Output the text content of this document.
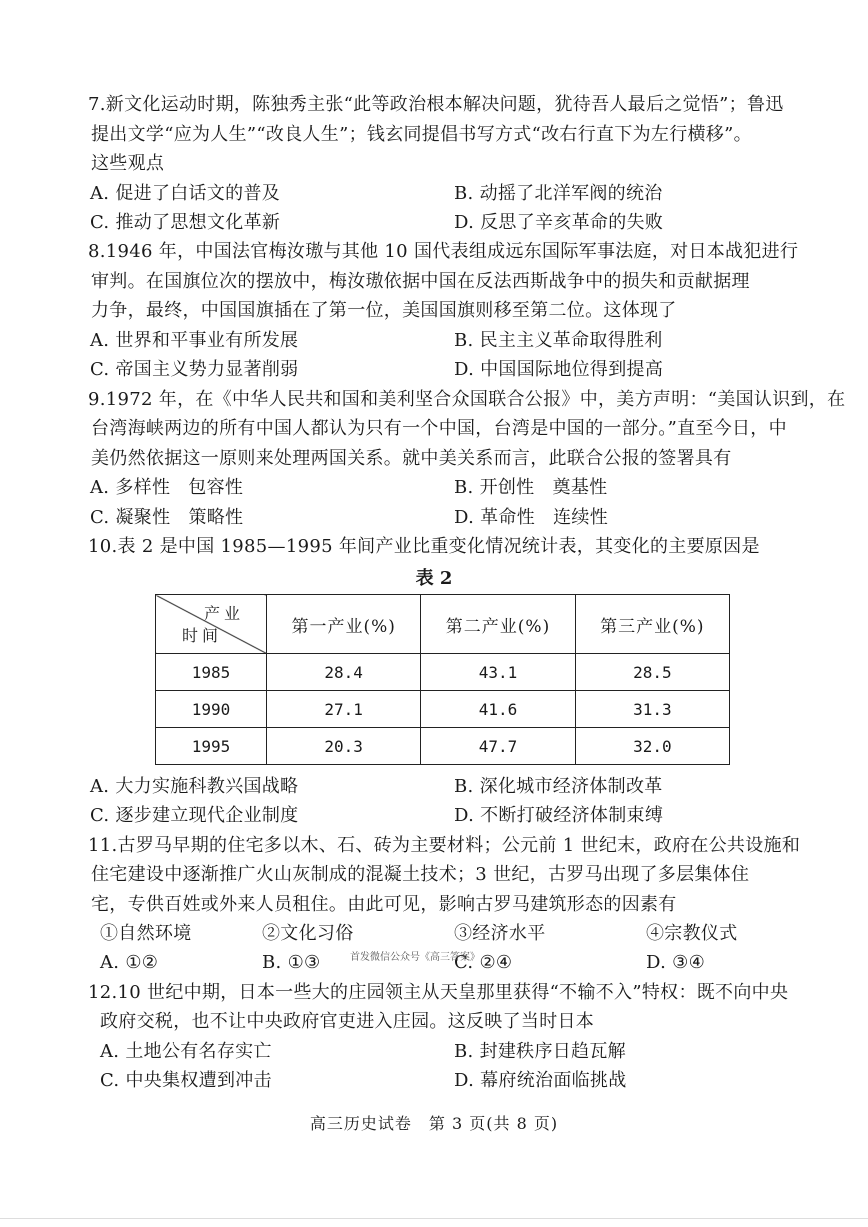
7.新文化运动时期，陈独秀主张“此等政治根本解决问题，犹待吾人最后之觉悟”；鲁迅
提出文学“应为人生”“改良人生”；钱玄同提倡书写方式“改右行直下为左行横移”。
这些观点
A. 促进了白话文的普及	B. 动摇了北洋军阀的统治
C. 推动了思想文化革新	D. 反思了辛亥革命的失败
8.1946 年，中国法官梅汝璈与其他 10 国代表组成远东国际军事法庭，对日本战犯进行
审判。在国旗位次的摆放中，梅汝璈依据中国在反法西斯战争中的损失和贡献据理
力争，最终，中国国旗插在了第一位，美国国旗则移至第二位。这体现了
A. 世界和平事业有所发展	B. 民主主义革命取得胜利
C. 帝国主义势力显著削弱	D. 中国国际地位得到提高
9.1972 年，在《中华人民共和国和美利坚合众国联合公报》中，美方声明：“美国认识到，在
台湾海峡两边的所有中国人都认为只有一个中国，台湾是中国的一部分。”直至今日，中
美仍然依据这一原则来处理两国关系。就中美关系而言，此联合公报的签署具有
A. 多样性   包容性	B. 开创性   奠基性
C. 凝聚性   策略性	D. 革命性   连续性
10.表 2 是中国 1985—1995 年间产业比重变化情况统计表，其变化的主要原因是
表 2
产业
时间	第一产业(%)	第二产业(%)	第三产业(%)
1985	28.4	43.1	28.5
1990	27.1	41.6	31.3
1995	20.3	47.7	32.0
A. 大力实施科教兴国战略	B. 深化城市经济体制改革
C. 逐步建立现代企业制度	D. 不断打破经济体制束缚
11.古罗马早期的住宅多以木、石、砖为主要材料；公元前 1 世纪末，政府在公共设施和
住宅建设中逐渐推广火山灰制成的混凝土技术；3 世纪，古罗马出现了多层集体住
宅，专供百姓或外来人员租住。由此可见，影响古罗马建筑形态的因素有
①自然环境	②文化习俗	③经济水平	④宗教仪式
A. ①②	B. ①③	C. ②④	D. ③④
首发微信公众号《高三答案》
12.10 世纪中期，日本一些大的庄园领主从天皇那里获得“不输不入”特权：既不向中央
政府交税，也不让中央政府官吏进入庄园。这反映了当时日本
A. 土地公有名存实亡	B. 封建秩序日趋瓦解
C. 中央集权遭到冲击	D. 幕府统治面临挑战
高三历史试卷　第 3 页(共 8 页)
